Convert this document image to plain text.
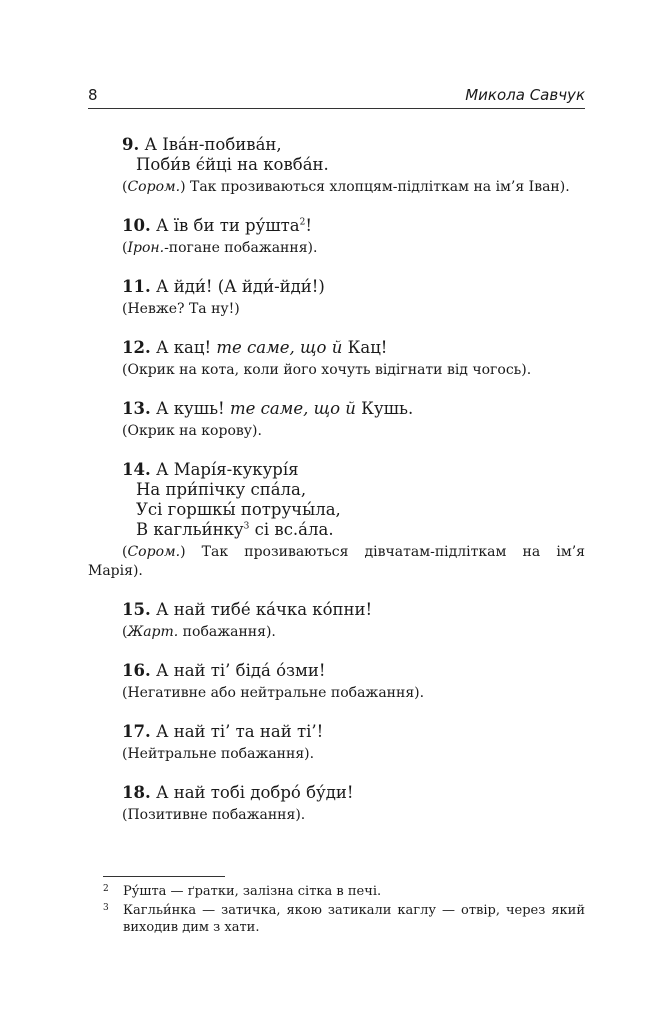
8	Микола Савчук
9. А Іва́н-побива́н,
Поби́в є́йці на ковба́н.
(Сором.) Так прозиваються хлопцям-підліткам на ім’я Іван).
10. А їв би ти ру́шта$^2$!
(Ірон.-погане побажання).
11. А йди́! (А йди́-йди́!)
(Невже? Та ну!)
12. А кац! те саме, що й Кац!
(Окрик на кота, коли його хочуть відігнати від чогось).
13. А кушь! те саме, що й Кушь.
(Окрик на корову).
14. А Марі́я-кукурі́я
На при́пічку спа́ла,
Усі горшкы́ потручы́ла,
В кагльи́нку$^3$ сі вс.а́ла.
(Сором.) Так прозиваються дівчатам-підліткам на ім’я Марія).
15. А най тибе́ ка́чка ко́пни!
(Жарт. побажання).
16. А най ті’ біда́ о́зми!
(Негативне або нейтральне побажання).
17. А най ті’ та най ті’!
(Нейтральне побажання).
18. А най тобі добро́ бу́ди!
(Позитивне побажання).
2 Ру́шта — ґратки, залізна сітка в печі.
3 Кагльи́нка — затичка, якою затикали каглу — отвір, через який виходив дим з хати.
